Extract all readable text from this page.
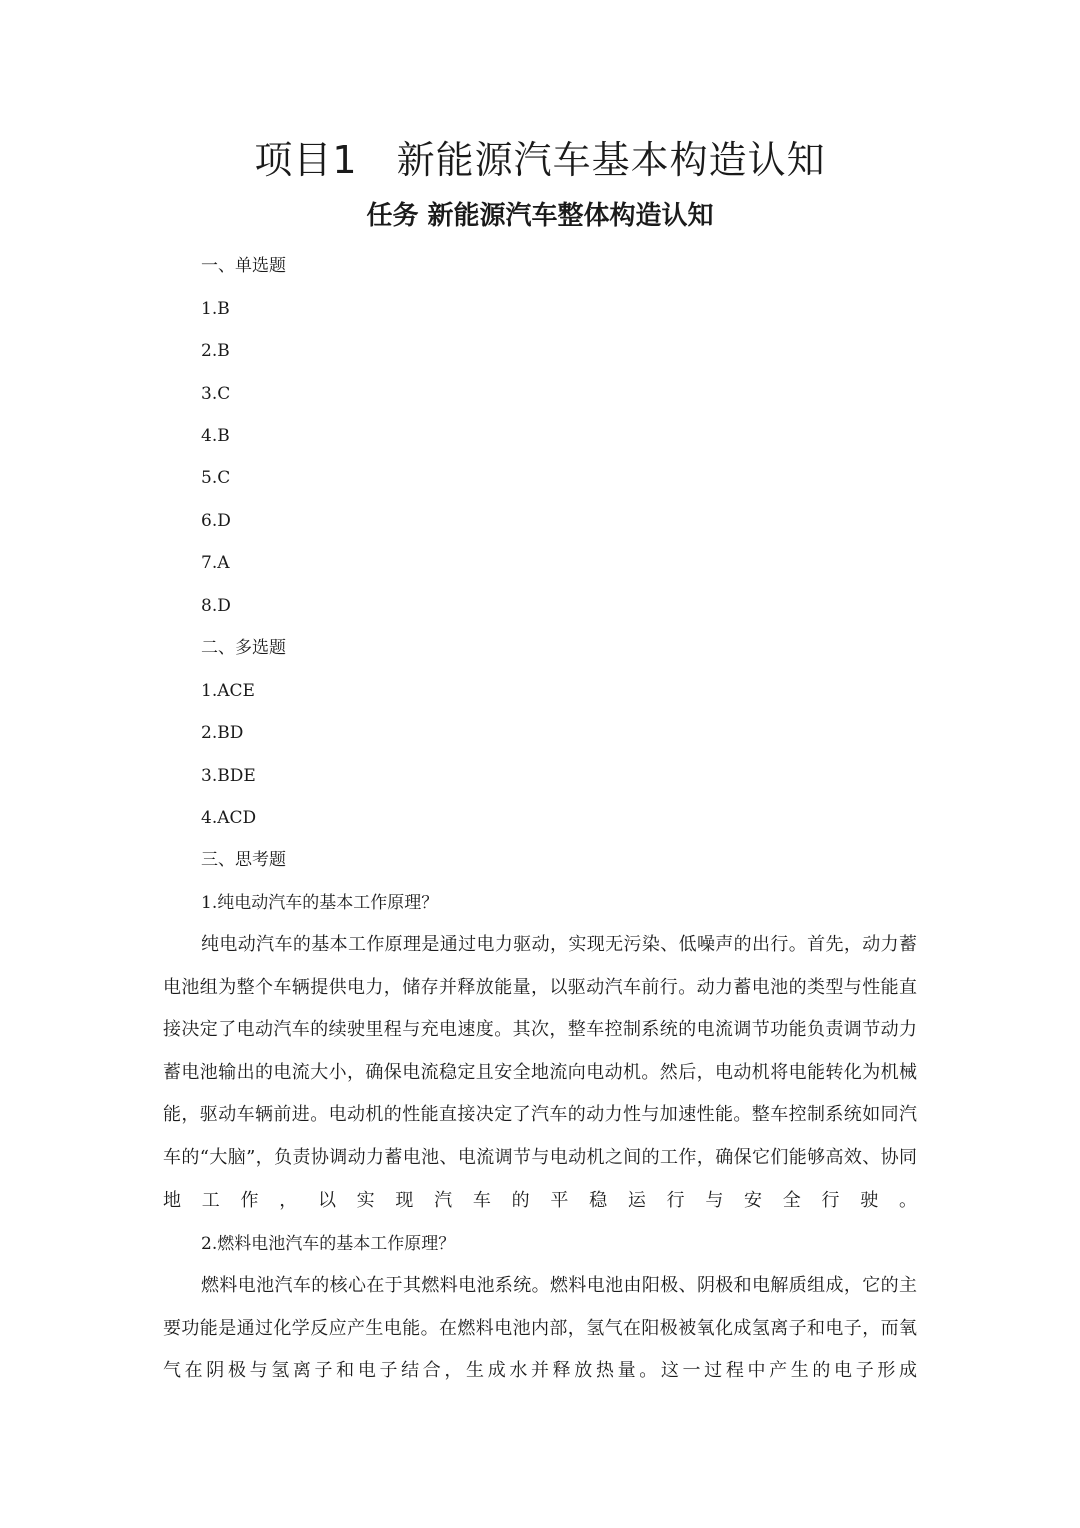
项目1　新能源汽车基本构造认知
任务 新能源汽车整体构造认知
一、单选题
1.B
2.B
3.C
4.B
5.C
6.D
7.A
8.D
二、多选题
1.ACE
2.BD
3.BDE
4.ACD
三、思考题
1.纯电动汽车的基本工作原理？

纯电动汽车的基本工作原理是通过电力驱动，实现无污染、低噪声的出行。首先，动力蓄电池组为整个车辆提供电力，储存并释放能量，以驱动汽车前行。动力蓄电池的类型与性能直接决定了电动汽车的续驶里程与充电速度。其次，整车控制系统的电流调节功能负责调节动力蓄电池输出的电流大小，确保电流稳定且安全地流向电动机。然后，电动机将电能转化为机械能，驱动车辆前进。电动机的性能直接决定了汽车的动力性与加速性能。整车控制系统如同汽车的“大脑”，负责协调动力蓄电池、电流调节与电动机之间的工作，确保它们能够高效、协同地工作，以实现汽车的平稳运行与安全行驶。

2.燃料电池汽车的基本工作原理？

燃料电池汽车的核心在于其燃料电池系统。燃料电池由阳极、阴极和电解质组成，它的主要功能是通过化学反应产生电能。在燃料电池内部，氢气在阳极被氧化成氢离子和电子，而氧气在阴极与氢离子和电子结合，生成水并释放热量。这一过程中产生的电子形成
